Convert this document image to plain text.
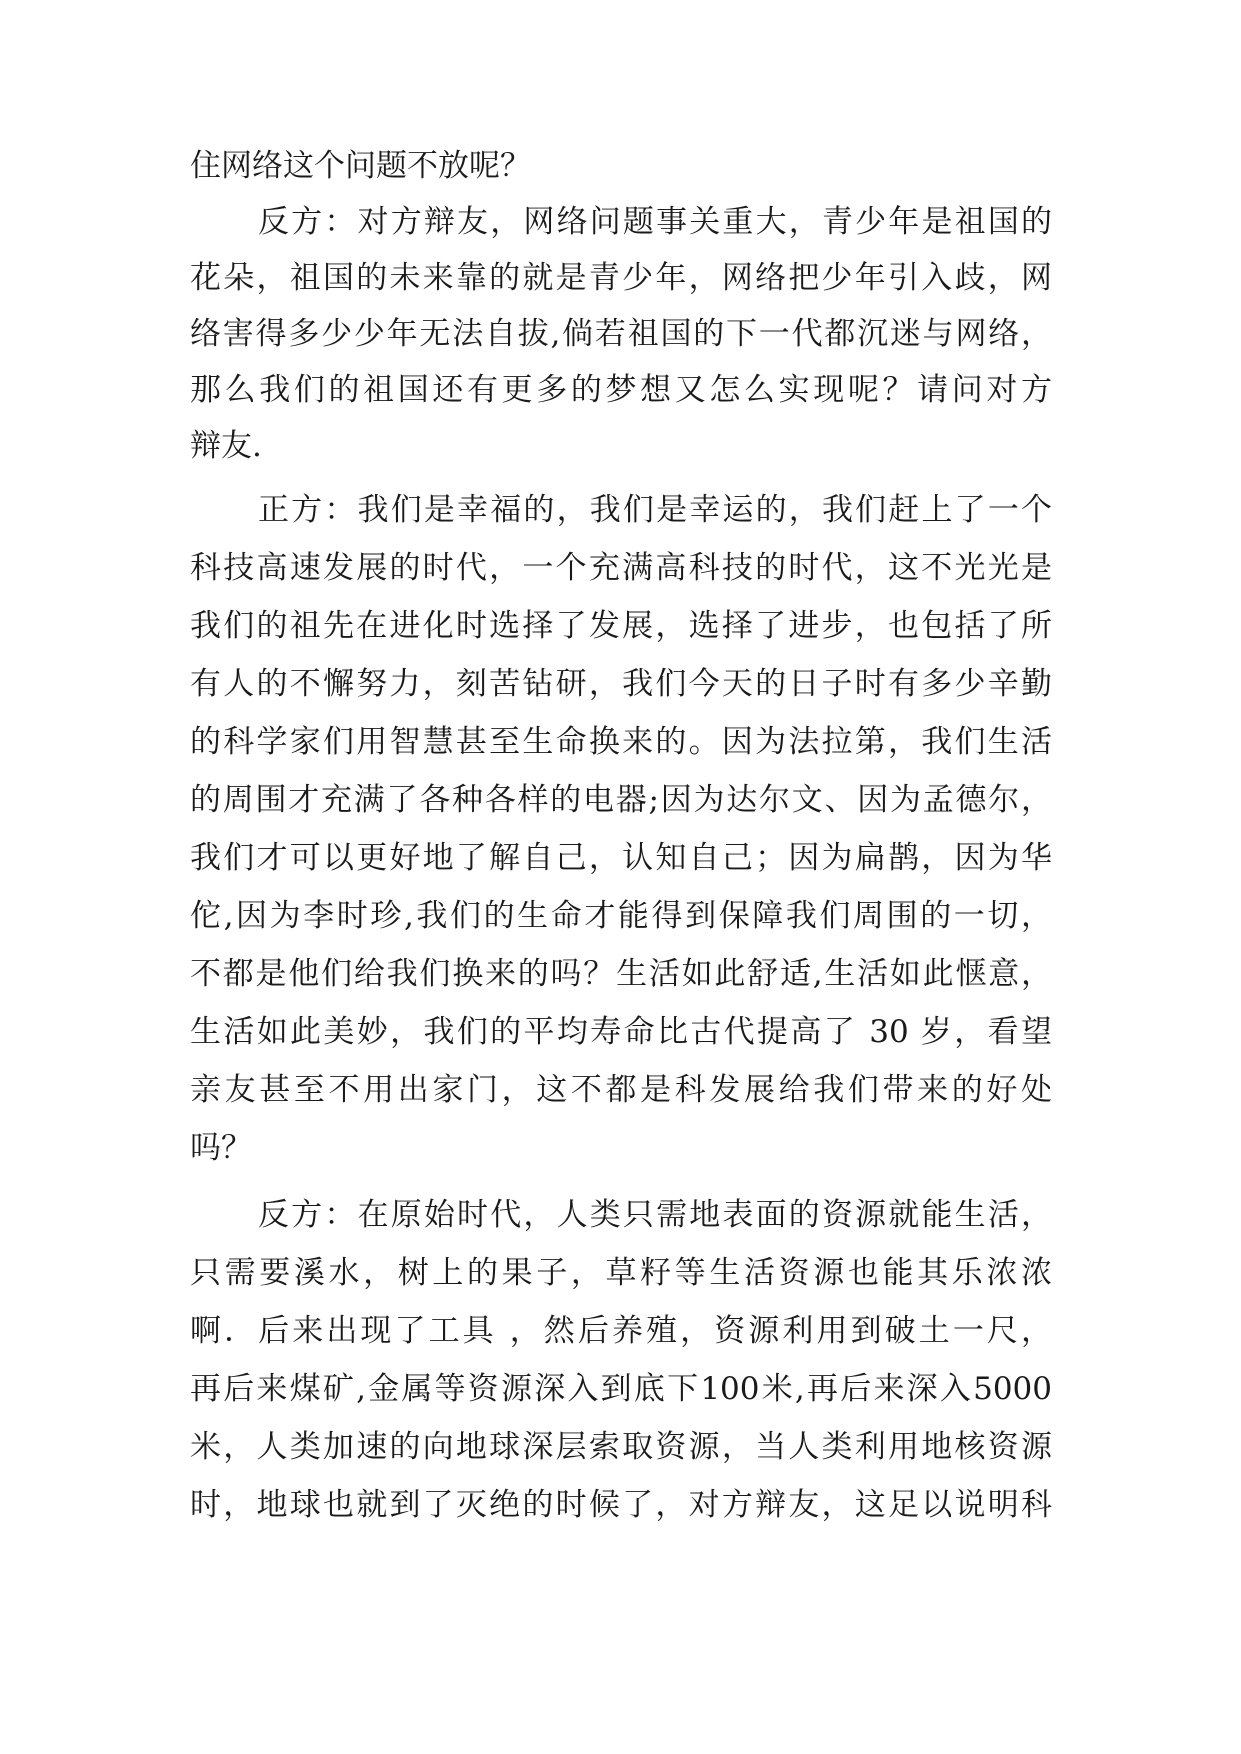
住网络这个问题不放呢？
反方：对方辩友，网络问题事关重大，青少年是祖国的
花朵，祖国的未来靠的就是青少年，网络把少年引入歧，网
络害得多少少年无法自拔,倘若祖国的下一代都沉迷与网络，
那么我们的祖国还有更多的梦想又怎么实现呢？请问对方
辩友.
正方：我们是幸福的，我们是幸运的，我们赶上了一个
科技高速发展的时代，一个充满高科技的时代，这不光光是
我们的祖先在进化时选择了发展，选择了进步，也包括了所
有人的不懈努力，刻苦钻研，我们今天的日子时有多少辛勤
的科学家们用智慧甚至生命换来的。因为法拉第，我们生活
的周围才充满了各种各样的电器;因为达尔文、因为孟德尔，
我们才可以更好地了解自己，认知自己；因为扁鹊，因为华
佗,因为李时珍,我们的生命才能得到保障我们周围的一切，
不都是他们给我们换来的吗？生活如此舒适,生活如此惬意，
生活如此美妙，我们的平均寿命比古代提高了 30 岁，看望
亲友甚至不用出家门，这不都是科发展给我们带来的好处
吗？
反方：在原始时代，人类只需地表面的资源就能生活，
只需要溪水，树上的果子，草籽等生活资源也能其乐浓浓
啊．后来出现了工具 ，然后养殖，资源利用到破土一尺，
再后来煤矿,金属等资源深入到底下100米,再后来深入5000
米，人类加速的向地球深层索取资源，当人类利用地核资源
时，地球也就到了灭绝的时候了，对方辩友，这足以说明科
